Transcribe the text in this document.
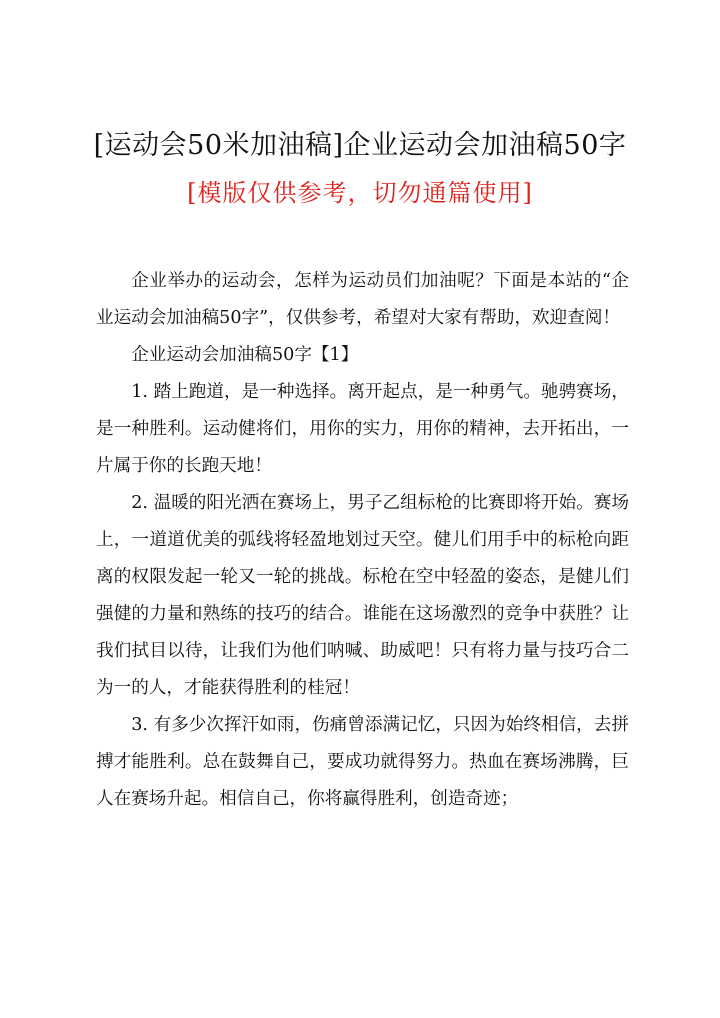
[运动会50米加油稿]企业运动会加油稿50字
[模版仅供参考，切勿通篇使用]

企业举办的运动会，怎样为运动员们加油呢？下面是本站的“企业运动会加油稿50字”，仅供参考，希望对大家有帮助，欢迎查阅！

企业运动会加油稿50字【1】

1. 踏上跑道，是一种选择。离开起点，是一种勇气。驰骋赛场，是一种胜利。运动健将们，用你的实力，用你的精神，去开拓出，一片属于你的长跑天地！

2. 温暖的阳光洒在赛场上，男子乙组标枪的比赛即将开始。赛场上，一道道优美的弧线将轻盈地划过天空。健儿们用手中的标枪向距离的权限发起一轮又一轮的挑战。标枪在空中轻盈的姿态，是健儿们强健的力量和熟练的技巧的结合。谁能在这场激烈的竞争中获胜？让我们拭目以待，让我们为他们呐喊、助威吧！只有将力量与技巧合二为一的人，才能获得胜利的桂冠！

3. 有多少次挥汗如雨，伤痛曾添满记忆，只因为始终相信，去拼搏才能胜利。总在鼓舞自己，要成功就得努力。热血在赛场沸腾，巨人在赛场升起。相信自己，你将赢得胜利，创造奇迹；
